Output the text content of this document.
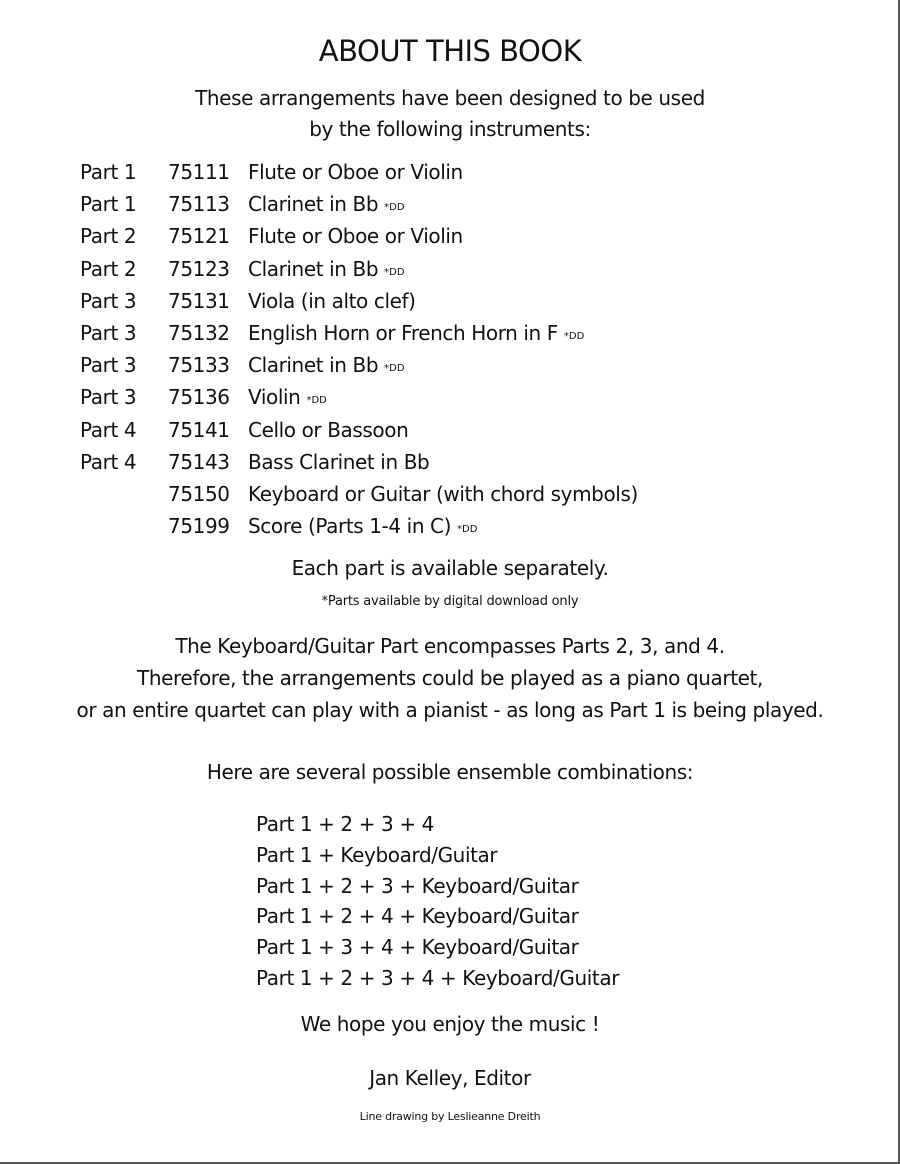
ABOUT THIS BOOK
These arrangements have been designed to be used
by the following instruments:
Part 1 75111 Flute or Oboe or Violin
Part 1 75113 Clarinet in Bb *DD
Part 2 75121 Flute or Oboe or Violin
Part 2 75123 Clarinet in Bb *DD
Part 3 75131 Viola (in alto clef)
Part 3 75132 English Horn or French Horn in F *DD
Part 3 75133 Clarinet in Bb *DD
Part 3 75136 Violin *DD
Part 4 75141 Cello or Bassoon
Part 4 75143 Bass Clarinet in Bb
75150 Keyboard or Guitar (with chord symbols)
75199 Score (Parts 1-4 in C) *DD
Each part is available separately.
*Parts available by digital download only
The Keyboard/Guitar Part encompasses Parts 2, 3, and 4.
Therefore, the arrangements could be played as a piano quartet,
or an entire quartet can play with a pianist - as long as Part 1 is being played.
Here are several possible ensemble combinations:
Part 1 + 2 + 3 + 4
Part 1 + Keyboard/Guitar
Part 1 + 2 + 3 + Keyboard/Guitar
Part 1 + 2 + 4 + Keyboard/Guitar
Part 1 + 3 + 4 + Keyboard/Guitar
Part 1 + 2 + 3 + 4 + Keyboard/Guitar
We hope you enjoy the music !
Jan Kelley, Editor
Line drawing by Leslieanne Dreith
